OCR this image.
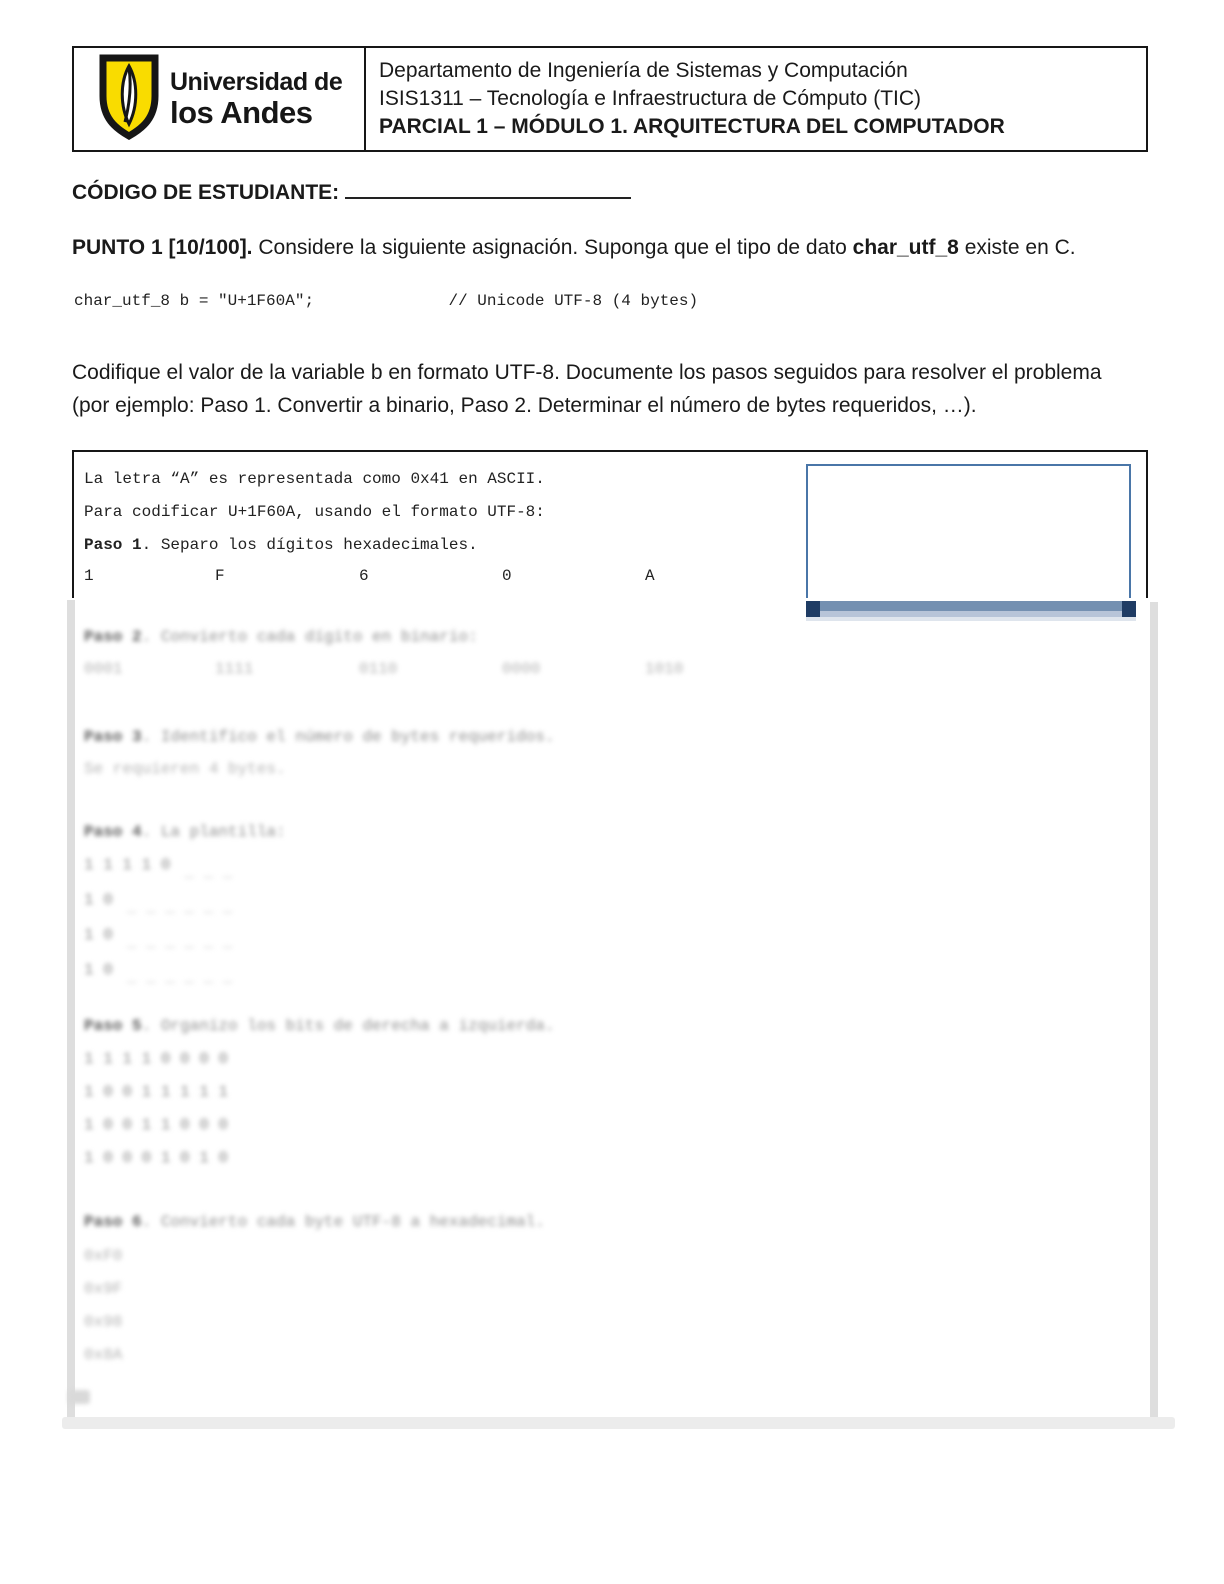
Universidad de
los Andes
Departamento de Ingeniería de Sistemas y Computación
ISIS1311 – Tecnología e Infraestructura de Cómputo (TIC)
PARCIAL 1 – MÓDULO 1. ARQUITECTURA DEL COMPUTADOR
CÓDIGO DE ESTUDIANTE:
PUNTO 1 [10/100]. Considere la siguiente asignación. Suponga que el tipo de dato char_utf_8 existe en C.
char_utf_8 b = "U+1F60A";              // Unicode UTF-8 (4 bytes)
Codifique el valor de la variable b en formato UTF-8. Documente los pasos seguidos para resolver el problema
(por ejemplo: Paso 1. Convertir a binario, Paso 2. Determinar el número de bytes requeridos, …).
La letra “A” es representada como 0x41 en ASCII.
Para codificar U+1F60A, usando el formato UTF-8:
Paso 1. Separo los dígitos hexadecimales.

1

	F

	6

	0

	A

Paso 2. Convierto cada dígito en binario:

0001

	1111

	0110

	0000

	1010

Paso 3. Identifico el número de bytes requeridos.
Se requieren 4 bytes.
Paso 4. La plantilla:
1 1 1 1 0 _ _ _
1 0 _ _ _ _ _ _
1 0 _ _ _ _ _ _
1 0 _ _ _ _ _ _
Paso 5. Organizo los bits de derecha a izquierda.
1 1 1 1 0 0 0 0
1 0 0 1 1 1 1 1
1 0 0 1 1 0 0 0
1 0 0 0 1 0 1 0
Paso 6. Convierto cada byte UTF-8 a hexadecimal.
0xF0
0x9F
0x98
0x8A
